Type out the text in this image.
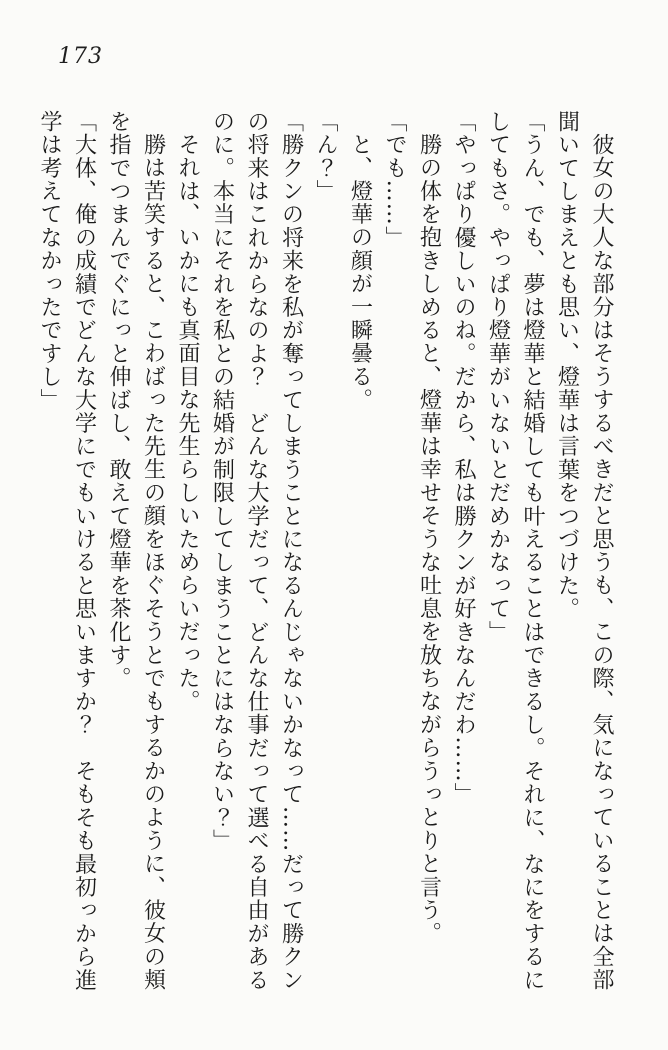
173
彼女の大人な部分はそうするべきだと思うも、この際、気になっていることは全部
聞いてしまえとも思い、燈華は言葉をつづけた。
「うん、でも、夢は燈華と結婚しても叶えることはできるし。それに、なにをするに
してもさ。やっぱり燈華がいないとだめかなって」
「やっぱり優しいのね。だから、私は勝クンが好きなんだわ……」
勝の体を抱きしめると、燈華は幸せそうな吐息を放ちながらうっとりと言う。
「でも……」
と、燈華の顔が一瞬曇る。
「ん？」
「勝クンの将来を私が奪ってしまうことになるんじゃないかなって……だって勝クン
の将来はこれからなのよ？　どんな大学だって、どんな仕事だって選べる自由がある
のに。本当にそれを私との結婚が制限してしまうことにはならない？」
それは、いかにも真面目な先生らしいためらいだった。
勝は苦笑すると、こわばった先生の顔をほぐそうとでもするかのように、彼女の頬
を指でつまんでぐにっと伸ばし、敢えて燈華を茶化す。
「大体、俺の成績でどんな大学にでもいけると思いますか？　そもそも最初っから進
学は考えてなかったですし」
